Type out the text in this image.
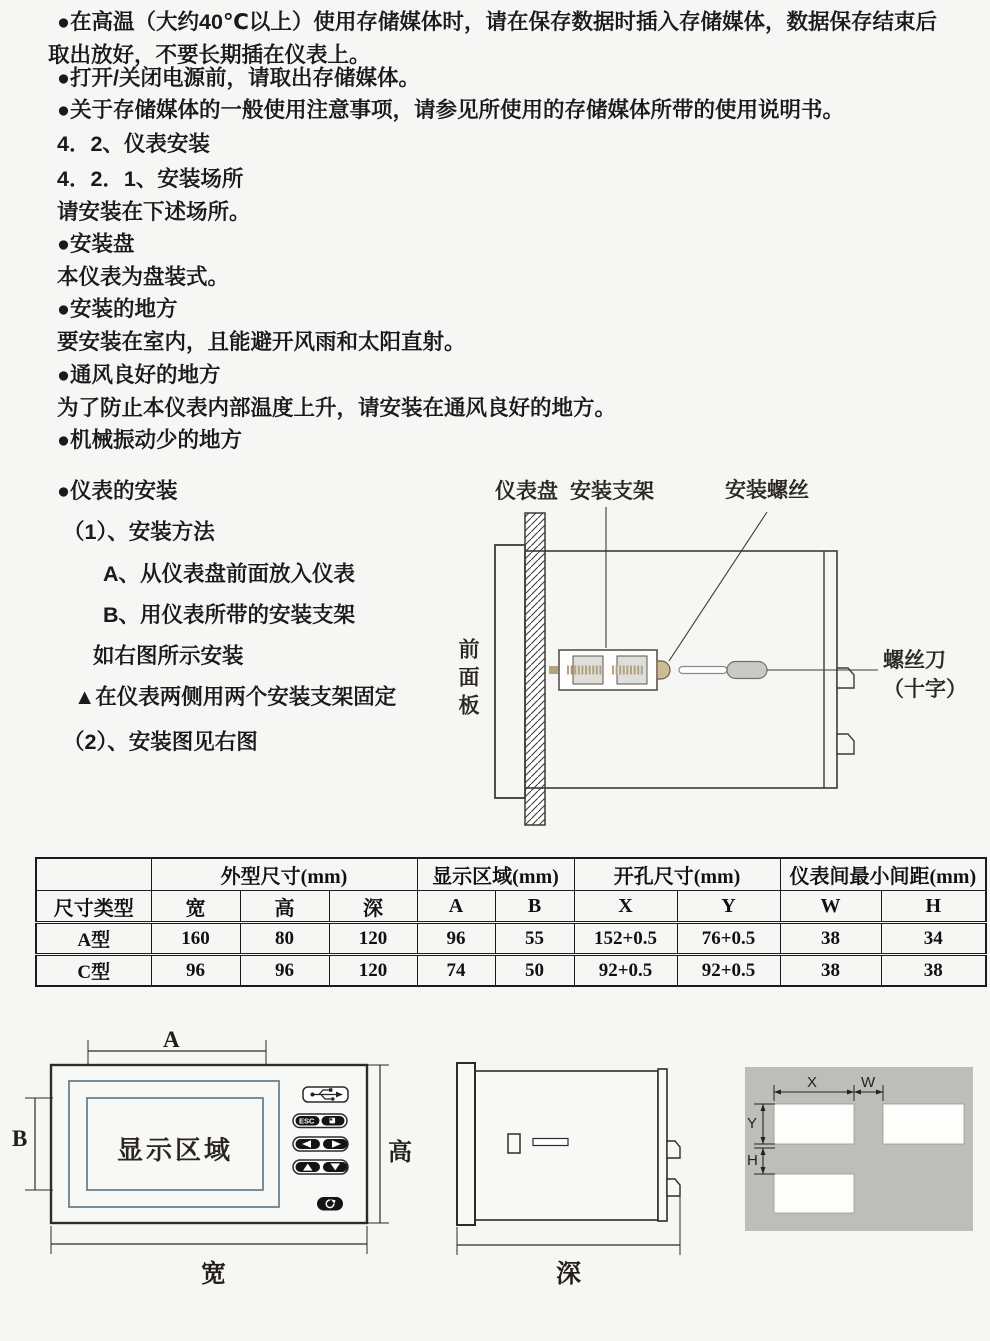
●在高温（大约40℃以上）使用存储媒体时，请在保存数据时插入存储媒体，数据保存结束后取出放好，不要长期插在仪表上。
●打开/关闭电源前，请取出存储媒体。
●关于存储媒体的一般使用注意事项，请参见所使用的存储媒体所带的使用说明书。
4．2、仪表安装
4．2．1、安装场所
请安装在下述场所。
●安装盘
本仪表为盘装式。
●安装的地方
要安装在室内，且能避开风雨和太阳直射。
●通风良好的地方
为了防止本仪表内部温度上升，请安装在通风良好的地方。
●机械振动少的地方
●仪表的安装
（1）、安装方法
A、从仪表盘前面放入仪表
B、用仪表所带的安装支架
如右图所示安装
▲在仪表两侧用两个安装支架固定
（2）、安装图见右图
仪表盘 安装支架	安装螺丝
前面板	螺丝刀
（十字）
	外型尺寸(mm)			显示区域(mm)		开孔尺寸(mm)		仪表间最小间距(mm)	
尺寸类型	宽	高	深	A	B	X	Y	W	H
A型	160	80	120	96	55	152+0.5	76+0.5	38	34
C型	96	96	120	74	50	92+0.5	92+0.5	38	38
ESC
A
B
高
宽
显示区域
深
X	W
Y
H
